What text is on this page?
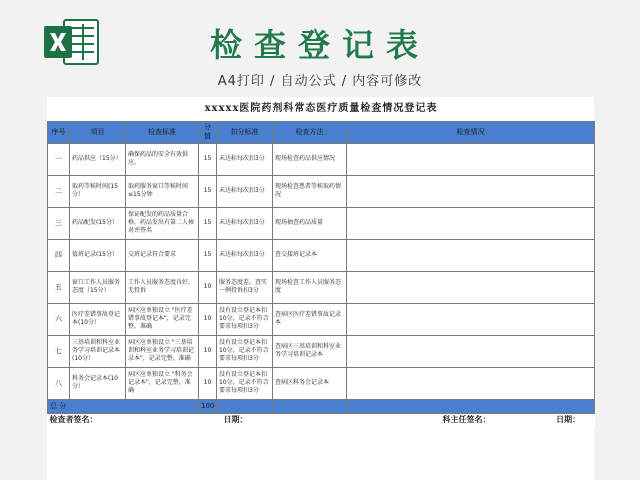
检查登记表
A4打印 / 自动公式 / 内容可修改
xxxxx医院药剂科常态医疗质量检查情况登记表						
序号	项目	检查标准	分值	扣分标准	检查方法	检查情况
一	药品供应（15分）	确保药品的安全有效供应。	15	未达标每次扣3分	现场检查药品供应情况	
二	取药等候时间(15分）	取药服务窗口等候时间≤15分钟	15	未达标每次扣3分	现场检查患者等候取药情况	
三	药品配发(15分）	保证配发的药品质量合格，药品发出有第二人核对并签名	15	未达标每次扣3分	现场抽查药品质量	
四	值班记录(15分）	交班记录符合要求	15	未达标每次扣3分	查交接班记录本	
五	窗口工作人员服务态度（15分）	工作人员服务态度良好，无投诉	10	服务态度差，查实一例投诉扣3分	现场检查工作人员服务态度	
六	医疗差错事故登记本(10分）	病区应单独设立 "医疗差错事故登记本"，记录完整，准确	10	没有设立登记本扣10分，记录不符合要求每项扣3分	查病区医疗差错事故记录本	
七	三基培训和科室业务学习培训记录本(10分）	病区应单独设立 "三基培训和科室业务学习培训记录本"，记录完整，准确	10	没有设立登记本扣10分，记录不符合要求每项扣3分	查病区三基培训和科室业务学习培训记录本	
八	科务会记录本(10分）	病区应单独设立 "科务会记录本"，记录完整，准确	10	没有设立登记本扣10分，记录不符合要求每项扣3分	查病区科务会记录本	
总 分			100			
检查者签名：			日期：		科主任签名： 日期：	
